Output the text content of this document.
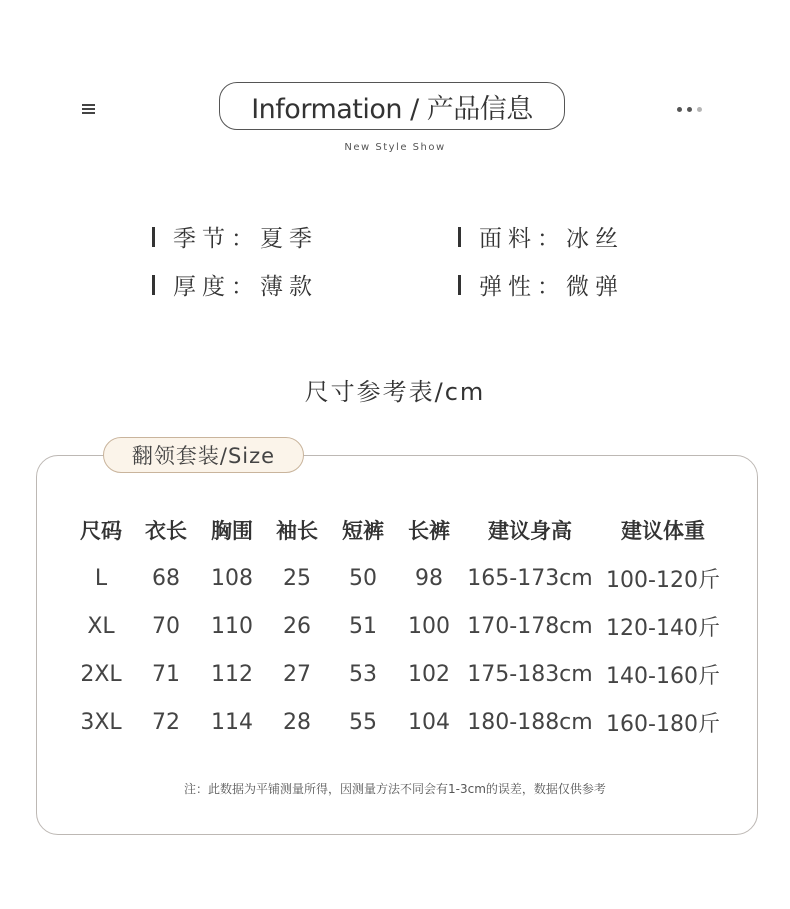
Information / 产品信息
New Style Show
季节： 夏季	面料： 冰丝
厚度： 薄款	弹性： 微弹
尺寸参考表/cm
翻领套装/Size
尺码	衣长	胸围	袖长	短裤	长裤	建议身高	建议体重
L	68	108	25	50	98	165-173cm	100-120斤
XL	70	110	26	51	100	170-178cm	120-140斤
2XL	71	112	27	53	102	175-183cm	140-160斤
3XL	72	114	28	55	104	180-188cm	160-180斤
注：此数据为平铺测量所得，因测量方法不同会有1-3cm的误差，数据仅供参考
